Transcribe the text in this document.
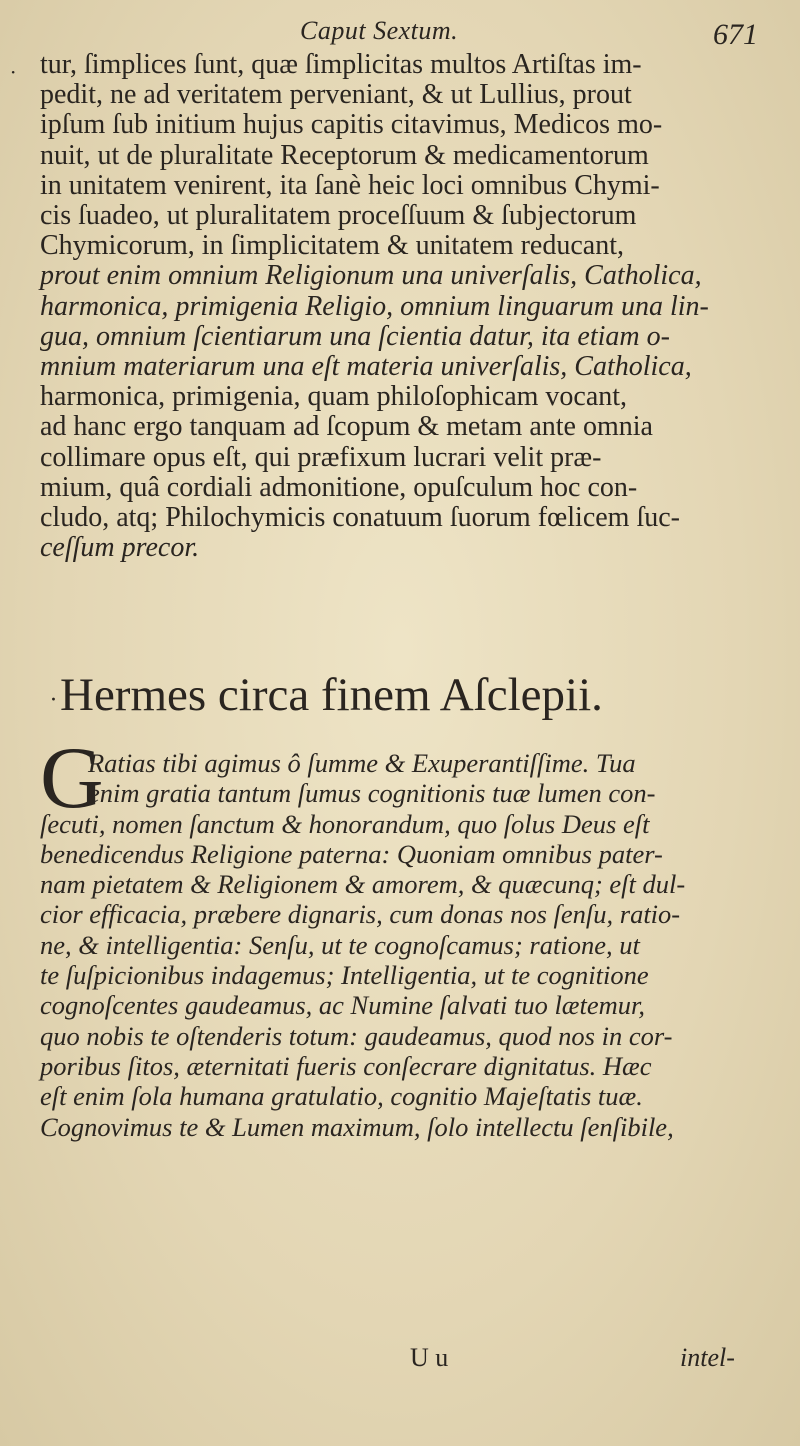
Caput Sextum.	671
· tur, ſimplices ſunt, quæ ſimplicitas multos Artiſtas im-

pedit, ne ad veritatem perveniant, & ut Lullius, prout

ipſum ſub initium hujus capitis citavimus, Medicos mo-

nuit, ut de pluralitate Receptorum & medicamentorum

in unitatem venirent, ita ſanè heic loci omnibus Chymi-

cis ſuadeo, ut pluralitatem proceſſuum & ſubjectorum

Chymicorum, in ſimplicitatem & unitatem reducant,

prout enim omnium Religionum una univerſalis, Catholica,

harmonica, primigenia Religio, omnium linguarum una lin-

gua, omnium ſcientiarum una ſcientia datur, ita etiam o-

mnium materiarum una eſt materia univerſalis, Catholica,

harmonica, primigenia, quam philoſophicam vocant,

ad hanc ergo tanquam ad ſcopum & metam ante omnia

collimare opus eſt, qui præfixum lucrari velit præ-

mium, quâ cordiali admonitione, opuſculum hoc con-

cludo, atq; Philochymicis conatuum ſuorum fœlicem ſuc-

ceſſum precor.

· Hermes circa finem Aſclepii.
G

Ratias tibi agimus ô ſumme & Exuperantiſſime. Tua

enim gratia tantum ſumus cognitionis tuæ lumen con-

ſecuti, nomen ſanctum & honorandum, quo ſolus Deus eſt

benedicendus Religione paterna: Quoniam omnibus pater-

nam pietatem & Religionem & amorem, & quæcunq; eſt dul-

cior efficacia, præbere dignaris, cum donas nos ſenſu, ratio-

ne, & intelligentia: Senſu, ut te cognoſcamus; ratione, ut

te ſuſpicionibus indagemus; Intelligentia, ut te cognitione

cognoſcentes gaudeamus, ac Numine ſalvati tuo lætemur,

quo nobis te oſtenderis totum: gaudeamus, quod nos in cor-

poribus ſitos, æternitati fueris conſecrare dignitatus. Hæc

eſt enim ſola humana gratulatio, cognitio Majeſtatis tuæ.

Cognovimus te & Lumen maximum, ſolo intellectu ſenſibile,

U u	intel-
